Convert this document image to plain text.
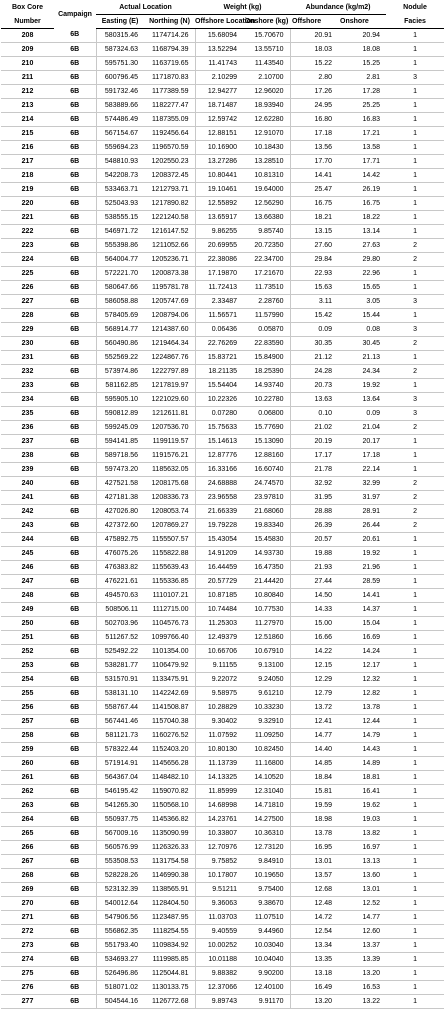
Box Core	Campaign	Actual Location		Weight (kg)		Abundance (kg/m2)		Nodule
Number		Easting (E)	Northing (N)	Offshore Location	Onshore (kg)	Offshore	Onshore	Facies
208	6B	580315.46	1174714.26	15.68094	15.70670	20.91	20.94	1
209	6B	587324.63	1168794.39	13.52294	13.55710	18.03	18.08	1
210	6B	595751.30	1163719.65	11.41743	11.43540	15.22	15.25	1
211	6B	600796.45	1171870.83	2.10299	2.10700	2.80	2.81	3
212	6B	591732.46	1177389.59	12.94277	12.96020	17.26	17.28	1
213	6B	583889.66	1182277.47	18.71487	18.93940	24.95	25.25	1
214	6B	574486.49	1187355.09	12.59742	12.62280	16.80	16.83	1
215	6B	567154.67	1192456.64	12.88151	12.91070	17.18	17.21	1
216	6B	559694.23	1196570.59	10.16900	10.18430	13.56	13.58	1
217	6B	548810.93	1202550.23	13.27286	13.28510	17.70	17.71	1
218	6B	542208.73	1208372.45	10.80441	10.81310	14.41	14.42	1
219	6B	533463.71	1212793.71	19.10461	19.64000	25.47	26.19	1
220	6B	525043.93	1217890.82	12.55892	12.56290	16.75	16.75	1
221	6B	538555.15	1221240.58	13.65917	13.66380	18.21	18.22	1
222	6B	546971.72	1216147.52	9.86255	9.85740	13.15	13.14	1
223	6B	555398.86	1211052.66	20.69955	20.72350	27.60	27.63	2
224	6B	564004.77	1205236.71	22.38086	22.34700	29.84	29.80	2
225	6B	572221.70	1200873.38	17.19870	17.21670	22.93	22.96	1
226	6B	580647.66	1195781.78	11.72413	11.73510	15.63	15.65	1
227	6B	586058.88	1205747.69	2.33487	2.28760	3.11	3.05	3
228	6B	578405.69	1208794.06	11.56571	11.57990	15.42	15.44	1
229	6B	568914.77	1214387.60	0.06436	0.05870	0.09	0.08	3
230	6B	560490.86	1219464.34	22.76269	22.83590	30.35	30.45	2
231	6B	552569.22	1224867.76	15.83721	15.84900	21.12	21.13	1
232	6B	573974.86	1222797.89	18.21135	18.25390	24.28	24.34	2
233	6B	581162.85	1217819.97	15.54404	14.93740	20.73	19.92	1
234	6B	595905.10	1221029.60	10.22326	10.22780	13.63	13.64	3
235	6B	590812.89	1212611.81	0.07280	0.06800	0.10	0.09	3
236	6B	599245.09	1207536.70	15.75633	15.77690	21.02	21.04	2
237	6B	594141.85	1199119.57	15.14613	15.13090	20.19	20.17	1
238	6B	589718.56	1191576.21	12.87776	12.88160	17.17	17.18	1
239	6B	597473.20	1185632.05	16.33166	16.60740	21.78	22.14	1
240	6B	427521.58	1208175.68	24.68888	24.74570	32.92	32.99	2
241	6B	427181.38	1208336.73	23.96558	23.97810	31.95	31.97	2
242	6B	427026.80	1208053.74	21.66339	21.68060	28.88	28.91	2
243	6B	427372.60	1207869.27	19.79228	19.83340	26.39	26.44	2
244	6B	475892.75	1155507.57	15.43054	15.45830	20.57	20.61	1
245	6B	476075.26	1155822.88	14.91209	14.93730	19.88	19.92	1
246	6B	476383.82	1155639.43	16.44459	16.47350	21.93	21.96	1
247	6B	476221.61	1155336.85	20.57729	21.44420	27.44	28.59	1
248	6B	494570.63	1110107.21	10.87185	10.80840	14.50	14.41	1
249	6B	508506.11	1112715.00	10.74484	10.77530	14.33	14.37	1
250	6B	502703.96	1104576.73	11.25303	11.27970	15.00	15.04	1
251	6B	511267.52	1099766.40	12.49379	12.51860	16.66	16.69	1
252	6B	525492.22	1101354.00	10.66706	10.67910	14.22	14.24	1
253	6B	538281.77	1106479.92	9.11155	9.13100	12.15	12.17	1
254	6B	531570.91	1133475.91	9.22072	9.24050	12.29	12.32	1
255	6B	538131.10	1142242.69	9.58975	9.61210	12.79	12.82	1
256	6B	558767.44	1141508.87	10.28829	10.33230	13.72	13.78	1
257	6B	567441.46	1157040.38	9.30402	9.32910	12.41	12.44	1
258	6B	581121.73	1160276.52	11.07592	11.09250	14.77	14.79	1
259	6B	578322.44	1152403.20	10.80130	10.82450	14.40	14.43	1
260	6B	571914.91	1145656.28	11.13739	11.16800	14.85	14.89	1
261	6B	564367.04	1148482.10	14.13325	14.10520	18.84	18.81	1
262	6B	546195.42	1159070.82	11.85999	12.31040	15.81	16.41	1
263	6B	541265.30	1150568.10	14.68998	14.71810	19.59	19.62	1
264	6B	550937.75	1145366.82	14.23761	14.27500	18.98	19.03	1
265	6B	567009.16	1135090.99	10.33807	10.36310	13.78	13.82	1
266	6B	560576.99	1126326.33	12.70976	12.73120	16.95	16.97	1
267	6B	553508.53	1131754.58	9.75852	9.84910	13.01	13.13	1
268	6B	528228.26	1146990.38	10.17807	10.19650	13.57	13.60	1
269	6B	523132.39	1138565.91	9.51211	9.75400	12.68	13.01	1
270	6B	540012.64	1128404.50	9.36063	9.38670	12.48	12.52	1
271	6B	547906.56	1123487.95	11.03703	11.07510	14.72	14.77	1
272	6B	556862.35	1118254.55	9.40559	9.44960	12.54	12.60	1
273	6B	551793.40	1109834.92	10.00252	10.03040	13.34	13.37	1
274	6B	534693.27	1119985.85	10.01188	10.04040	13.35	13.39	1
275	6B	526496.86	1125044.81	9.88382	9.90200	13.18	13.20	1
276	6B	518071.02	1130133.75	12.37066	12.40100	16.49	16.53	1
277	6B	504544.16	1126772.68	9.89743	9.91170	13.20	13.22	1
